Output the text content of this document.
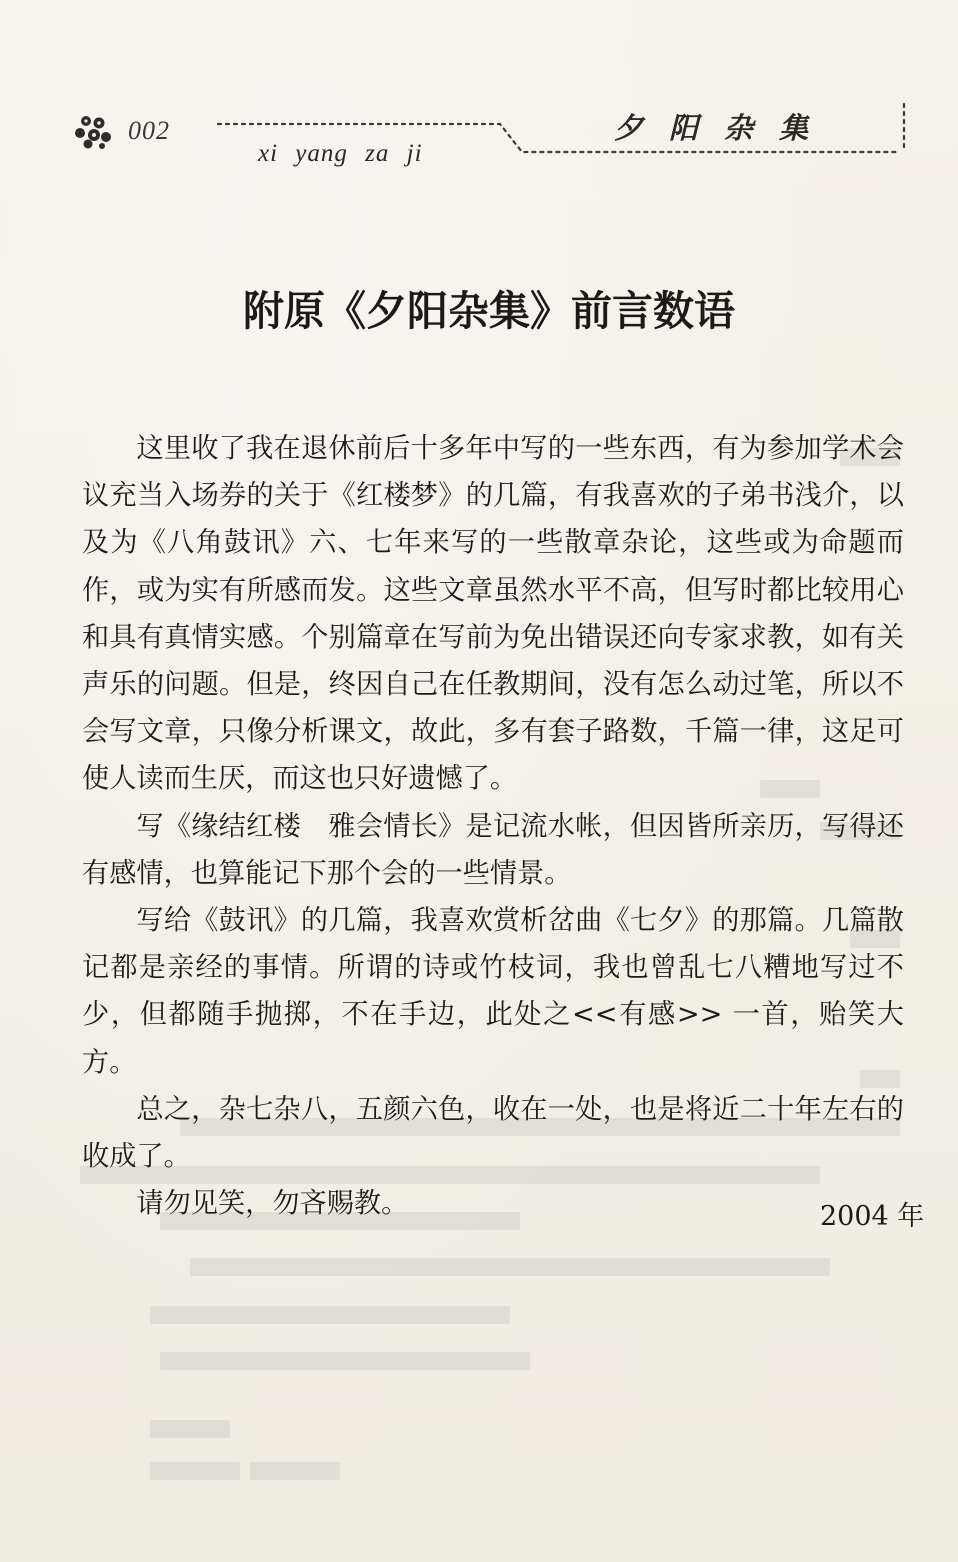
002
xi yang za ji
夕阳杂集
附原《夕阳杂集》前言数语

这里收了我在退休前后十多年中写的一些东西，有为参加学术会议充当入场券的关于《红楼梦》的几篇，有我喜欢的子弟书浅介，以及为《八角鼓讯》六、七年来写的一些散章杂论，这些或为命题而作，或为实有所感而发。这些文章虽然水平不高，但写时都比较用心和具有真情实感。个别篇章在写前为免出错误还向专家求教，如有关声乐的问题。但是，终因自己在任教期间，没有怎么动过笔，所以不会写文章，只像分析课文，故此，多有套子路数，千篇一律，这足可使人读而生厌，而这也只好遗憾了。

写《缘结红楼　雅会情长》是记流水帐，但因皆所亲历，写得还有感情，也算能记下那个会的一些情景。

写给《鼓讯》的几篇，我喜欢赏析岔曲《七夕》的那篇。几篇散记都是亲经的事情。所谓的诗或竹枝词，我也曾乱七八糟地写过不少，但都随手抛掷，不在手边，此处之<<有感>> 一首，贻笑大方。

总之，杂七杂八，五颜六色，收在一处，也是将近二十年左右的收成了。

请勿见笑，勿吝赐教。	2004 年
